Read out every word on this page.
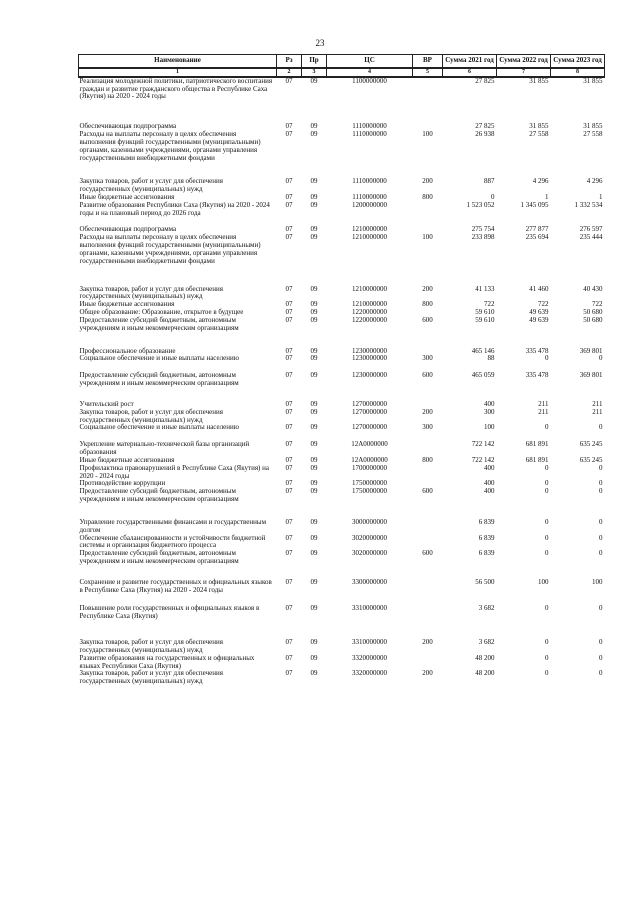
23
Наименование	Рз	Пр	ЦС	ВР	Сумма 2021 год	Сумма 2022 год	Сумма 2023 год
1	2	3	4	5	6	7	8
Реализация молодежной политики, патриотического воспитания граждан и развитие гражданского общества в Республике Саха (Якутия) на 2020 - 2024 годы	07	09	1100000000		27 825	31 855	31 855
Обеспечивающая подпрограмма	07	09	1110000000		27 825	31 855	31 855
Расходы на выплаты персоналу в целях обеспечения выполнения функций государственными (муниципальными) органами, казенными учреждениями, органами управления государственными внебюджетными фондами	07	09	1110000000	100	26 938	27 558	27 558
Закупка товаров, работ и услуг для обеспечения государственных (муниципальных) нужд	07	09	1110000000	200	887	4 296	4 296
Иные бюджетные ассигнования	07	09	1110000000	800	0	1	1
Развитие образования Республики Саха (Якутия) на 2020 - 2024 годы и на плановый период до 2026 года	07	09	1200000000		1 523 052	1 345 095	1 332 534
Обеспечивающая подпрограмма	07	09	1210000000		275 754	277 877	276 597
Расходы на выплаты персоналу в целях обеспечения выполнения функций государственными (муниципальными) органами, казенными учреждениями, органами управления государственными внебюджетными фондами	07	09	1210000000	100	233 898	235 694	235 444
Закупка товаров, работ и услуг для обеспечения государственных (муниципальных) нужд	07	09	1210000000	200	41 133	41 460	40 430
Иные бюджетные ассигнования	07	09	1210000000	800	722	722	722
Общее образование: Образование, открытое в будущее	07	09	1220000000		59 610	49 639	50 680
Предоставление субсидий бюджетным, автономным учреждениям и иным некоммерческим организациям	07	09	1220000000	600	59 610	49 639	50 680
Профессиональное образование	07	09	1230000000		465 146	335 478	369 801
Социальное обеспечение и иные выплаты населению	07	09	1230000000	300	88	0	0
Предоставление субсидий бюджетным, автономным учреждениям и иным некоммерческим организациям	07	09	1230000000	600	465 059	335 478	369 801
Учительский рост	07	09	1270000000		400	211	211
Закупка товаров, работ и услуг для обеспечения государственных (муниципальных) нужд	07	09	1270000000	200	300	211	211
Социальное обеспечение и иные выплаты населению	07	09	1270000000	300	100	0	0
Укрепление материально-технической базы организаций образования	07	09	12А0000000		722 142	681 891	635 245
Иные бюджетные ассигнования	07	09	12А0000000	800	722 142	681 891	635 245
Профилактика правонарушений в Республике Саха (Якутия) на 2020 - 2024 годы	07	09	1700000000		400	0	0
Противодействие коррупции	07	09	1750000000		400	0	0
Предоставление субсидий бюджетным, автономным учреждениям и иным некоммерческим организациям	07	09	1750000000	600	400	0	0
Управление государственными финансами и государственным долгом	07	09	3000000000		6 839	0	0
Обеспечение сбалансированности и устойчивости бюджетной системы и организация бюджетного процесса	07	09	3020000000		6 839	0	0
Предоставление субсидий бюджетным, автономным учреждениям и иным некоммерческим организациям	07	09	3020000000	600	6 839	0	0
Сохранение и развитие государственных и официальных языков в Республике Саха (Якутия) на 2020 - 2024 годы	07	09	3300000000		56 500	100	100
Повышение роли государственных и официальных языков в Республике Саха (Якутия)	07	09	3310000000		3 682	0	0
Закупка товаров, работ и услуг для обеспечения государственных (муниципальных) нужд	07	09	3310000000	200	3 682	0	0
Развитие образования на государственных и официальных языках Республики Саха (Якутия)	07	09	3320000000		48 200	0	0
Закупка товаров, работ и услуг для обеспечения государственных (муниципальных) нужд	07	09	3320000000	200	48 200	0	0
